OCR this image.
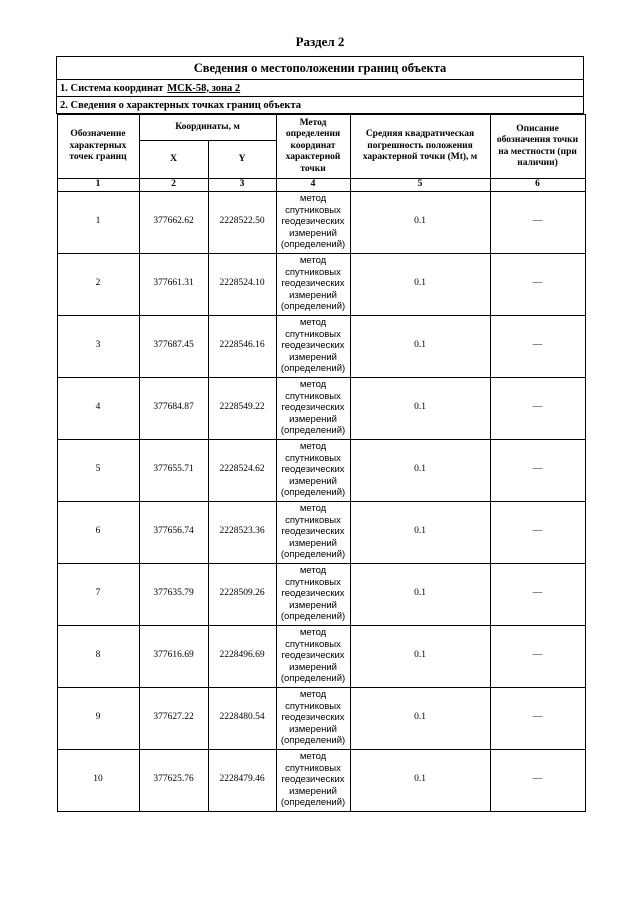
Раздел 2
Сведения о местоположении границ объекта
1. Система координат МСК-58, зона 2
2. Сведения о характерных точках границ объекта

Обозначение характерных точек границ	Координаты, м	Метод определения координат характерной точки	Средняя квадратическая погрешность положения характерной точки (Mt), м	Описание обозначения точки на местности (при наличии)
X	Y
1	2	3	4	5	6
1	377662.62	2228522.50	метод спутниковых геодезических измерений (определений)	0.1	—
2	377661.31	2228524.10	метод спутниковых геодезических измерений (определений)	0.1	—
3	377687.45	2228546.16	метод спутниковых геодезических измерений (определений)	0.1	—
4	377684.87	2228549.22	метод спутниковых геодезических измерений (определений)	0.1	—
5	377655.71	2228524.62	метод спутниковых геодезических измерений (определений)	0.1	—
6	377656.74	2228523.36	метод спутниковых геодезических измерений (определений)	0.1	—
7	377635.79	2228509.26	метод спутниковых геодезических измерений (определений)	0.1	—
8	377616.69	2228496.69	метод спутниковых геодезических измерений (определений)	0.1	—
9	377627.22	2228480.54	метод спутниковых геодезических измерений (определений)	0.1	—
10	377625.76	2228479.46	метод спутниковых геодезических измерений (определений)	0.1	—
